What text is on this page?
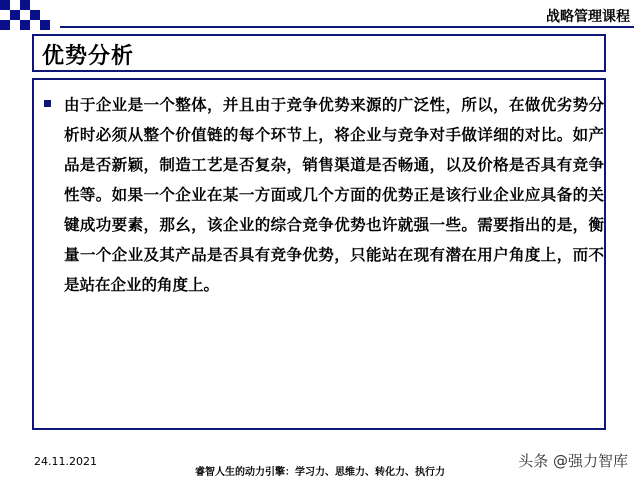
战略管理课程
优势分析
由于企业是一个整体，并且由于竞争优势来源的广泛性，所以，在做优劣势分析时必须从整个价值链的每个环节上，将企业与竞争对手做详细的对比。如产品是否新颖，制造工艺是否复杂，销售渠道是否畅通，以及价格是否具有竞争性等。如果一个企业在某一方面或几个方面的优势正是该行业企业应具备的关键成功要素，那幺，该企业的综合竞争优势也许就强一些。需要指出的是，衡量一个企业及其产品是否具有竞争优势，只能站在现有潜在用户角度上，而不是站在企业的角度上。
24.11.2021
睿智人生的动力引擎：学习力、思维力、转化力、执行力
头条 @强力智库
